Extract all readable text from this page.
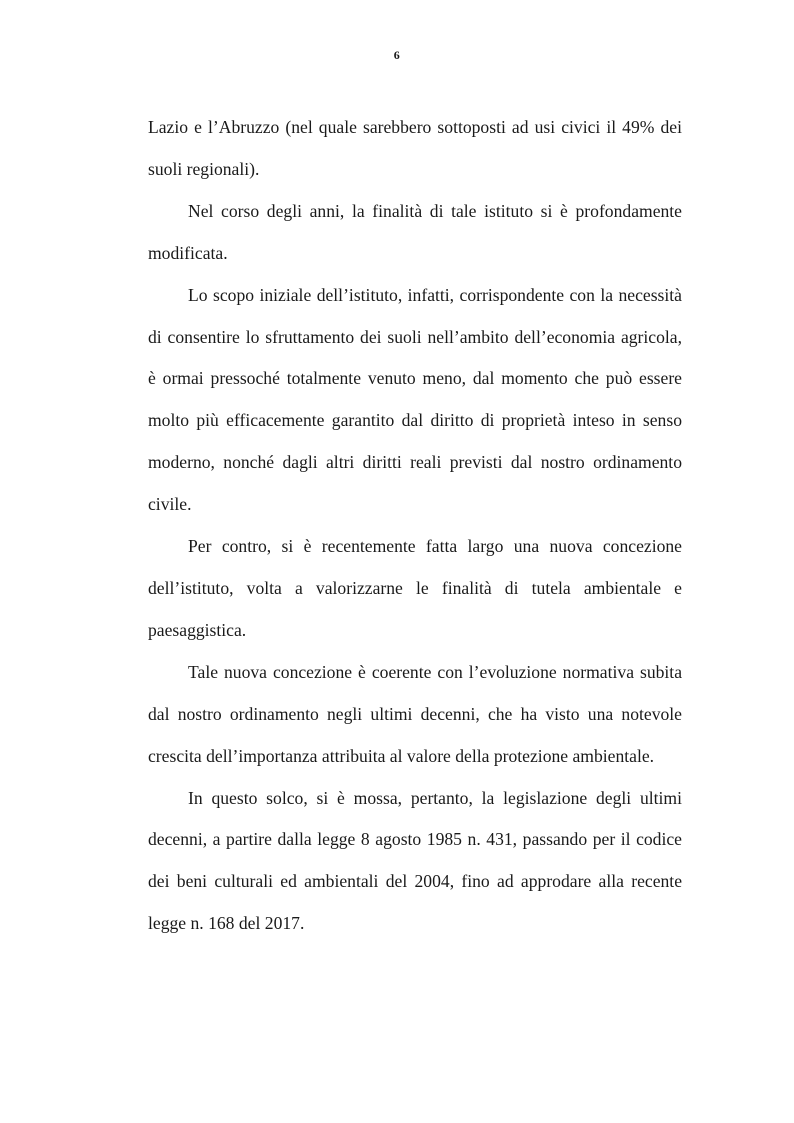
6

Lazio e l’Abruzzo (nel quale sarebbero sottoposti ad usi civici il 49% dei suoli regionali).

Nel corso degli anni, la finalità di tale istituto si è profondamente modificata.

Lo scopo iniziale dell’istituto, infatti, corrispondente con la necessità di consentire lo sfruttamento dei suoli nell’ambito dell’economia agricola, è ormai pressoché totalmente venuto meno, dal momento che può essere molto più efficacemente garantito dal diritto di proprietà inteso in senso moderno, nonché dagli altri diritti reali previsti dal nostro ordinamento civile.

Per contro, si è recentemente fatta largo una nuova concezione dell’istituto, volta a valorizzarne le finalità di tutela ambientale e paesaggistica.

Tale nuova concezione è coerente con l’evoluzione normativa subita dal nostro ordinamento negli ultimi decenni, che ha visto una notevole crescita dell’importanza attribuita al valore della protezione ambientale.

In questo solco, si è mossa, pertanto, la legislazione degli ultimi decenni, a partire dalla legge 8 agosto 1985 n. 431, passando per il codice dei beni culturali ed ambientali del 2004, fino ad approdare alla recente legge n. 168 del 2017.
